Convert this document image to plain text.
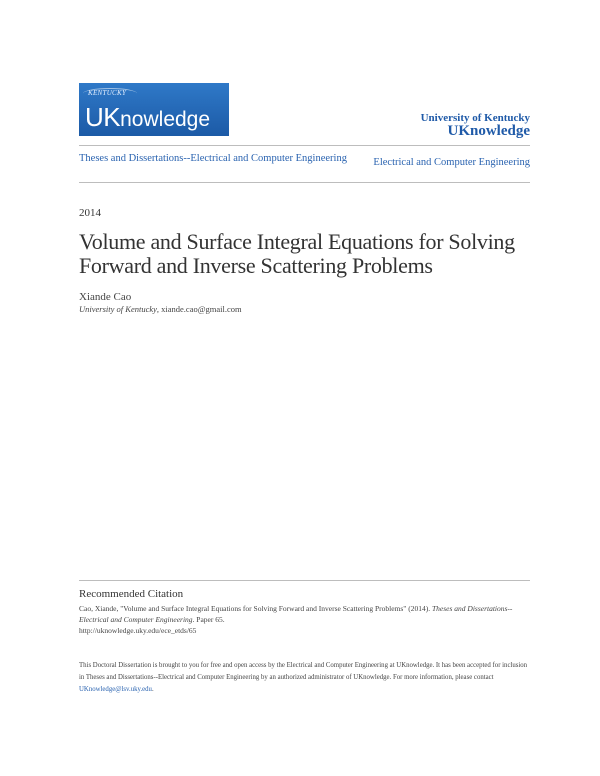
KENTUCKY
UKnowledge	University of Kentucky
UKnowledge
Theses and Dissertations--Electrical and Computer Engineering	Electrical and Computer Engineering
2014
Volume and Surface Integral Equations for Solving Forward and Inverse Scattering Problems
Xiande Cao
University of Kentucky, xiande.cao@gmail.com
Recommended Citation
Cao, Xiande, "Volume and Surface Integral Equations for Solving Forward and Inverse Scattering Problems" (2014). Theses and Dissertations--Electrical and Computer Engineering. Paper 65.
http://uknowledge.uky.edu/ece_etds/65
This Doctoral Dissertation is brought to you for free and open access by the Electrical and Computer Engineering at UKnowledge. It has been accepted for inclusion in Theses and Dissertations--Electrical and Computer Engineering by an authorized administrator of UKnowledge. For more information, please contact UKnowledge@lsv.uky.edu.
